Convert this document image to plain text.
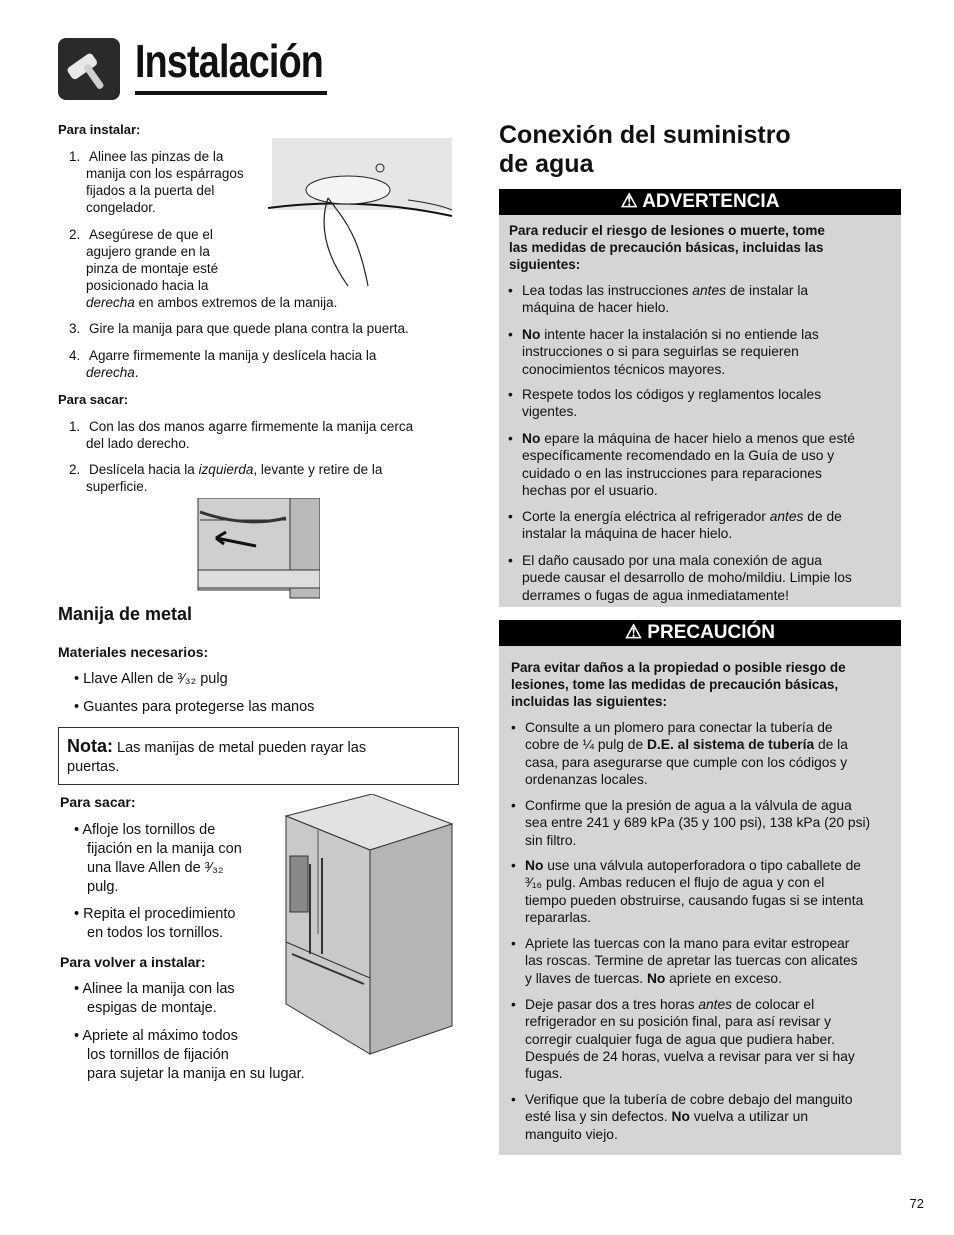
Instalación
Para instalar:
1. Alinee las pinzas de la
manija con los espárragos
fijados a la puerta del
congelador.
2. Asegúrese de que el
agujero grande en la
pinza de montaje esté
posicionado hacia la
derecha en ambos extremos de la manija.
3. Gire la manija para que quede plana contra la puerta.
4. Agarre firmemente la manija y deslícela hacia la
derecha.
Para sacar:
1. Con las dos manos agarre firmemente la manija cerca
del lado derecho.
2. Deslícela hacia la izquierda, levante y retire de la
superficie.
Manija de metal
Materiales necesarios:
• Llave Allen de ³⁄₃₂ pulg
• Guantes para protegerse las manos
Nota: Las manijas de metal pueden rayar las
puertas.
Para sacar:
• Afloje los tornillos de
fijación en la manija con
una llave Allen de ³⁄₃₂
pulg.
• Repita el procedimiento
en todos los tornillos.
Para volver a instalar:
• Alinee la manija con las
espigas de montaje.
• Apriete al máximo todos
los tornillos de fijación
para sujetar la manija en su lugar.
Conexión del suministro
de agua
⚠ ADVERTENCIA
Para reducir el riesgo de lesiones o muerte, tome
las medidas de precaución básicas, incluidas las
siguientes:
• Lea todas las instrucciones antes de instalar la
máquina de hacer hielo.
• No intente hacer la instalación si no entiende las
instrucciones o si para seguirlas se requieren
conocimientos técnicos mayores.
• Respete todos los códigos y reglamentos locales
vigentes.
• No epare la máquina de hacer hielo a menos que esté
específicamente recomendado en la Guía de uso y
cuidado o en las instrucciones para reparaciones
hechas por el usuario.
• Corte la energía eléctrica al refrigerador antes de de
instalar la máquina de hacer hielo.
• El daño causado por una mala conexión de agua
puede causar el desarrollo de moho/mildiu. Limpie los
derrames o fugas de agua inmediatamente!
⚠ PRECAUCIÓN
Para evitar daños a la propiedad o posible riesgo de
lesiones, tome las medidas de precaución básicas,
incluidas las siguientes:
• Consulte a un plomero para conectar la tubería de
cobre de ¼ pulg de D.E. al sistema de tubería de la
casa, para asegurarse que cumple con los códigos y
ordenanzas locales.
• Confirme que la presión de agua a la válvula de agua
sea entre 241 y 689 kPa (35 y 100 psi), 138 kPa (20 psi)
sin filtro.
• No use una válvula autoperforadora o tipo caballete de
³⁄₁₆ pulg. Ambas reducen el flujo de agua y con el
tiempo pueden obstruirse, causando fugas si se intenta
repararlas.
• Apriete las tuercas con la mano para evitar estropear
las roscas. Termine de apretar las tuercas con alicates
y llaves de tuercas. No apriete en exceso.
• Deje pasar dos a tres horas antes de colocar el
refrigerador en su posición final, para así revisar y
corregir cualquier fuga de agua que pudiera haber.
Después de 24 horas, vuelva a revisar para ver si hay
fugas.
• Verifique que la tubería de cobre debajo del manguito
esté lisa y sin defectos. No vuelva a utilizar un
manguito viejo.
72
